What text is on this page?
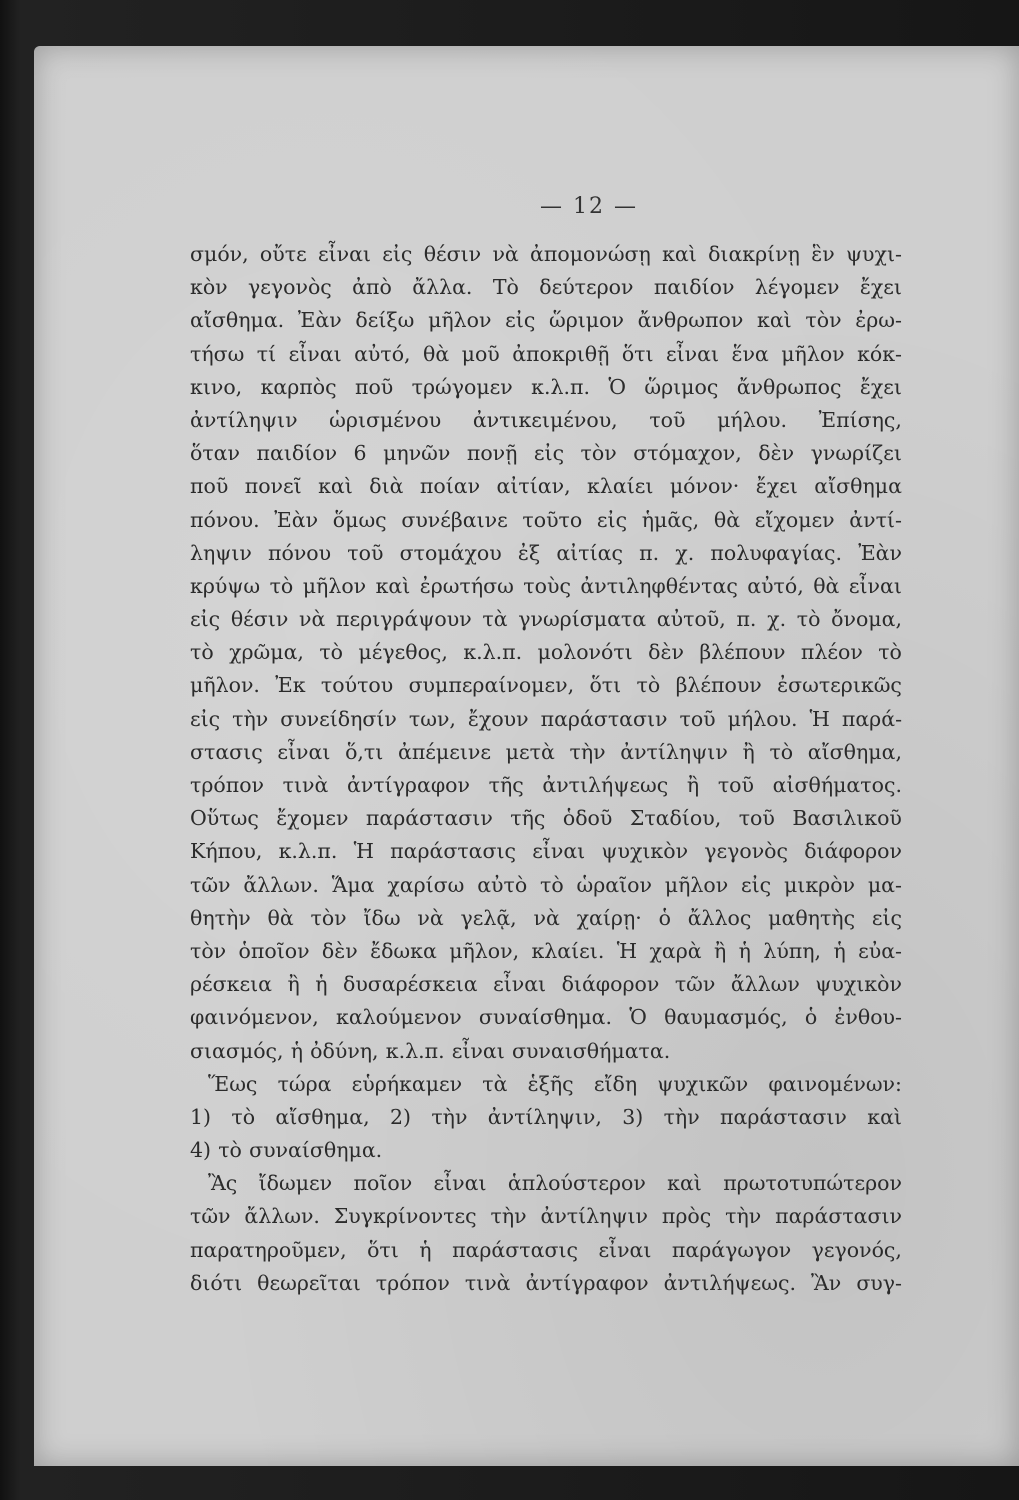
— 12 —
σμόν, οὔτε εἶναι εἰς θέσιν νὰ ἀπομονώσῃ καὶ διακρίνῃ ἓν ψυχι-
κὸν γεγονὸς ἀπὸ ἄλλα. Τὸ δεύτερον παιδίον λέγομεν ἔχει
αἴσθημα. Ἐὰν δείξω μῆλον εἰς ὥριμον ἄνθρωπον καὶ τὸν ἐρω-
τήσω τί εἶναι αὐτό, θὰ μοῦ ἀποκριθῇ ὅτι εἶναι ἕνα μῆλον κόκ-
κινο, καρπὸς ποῦ τρώγομεν κ.λ.π. Ὁ ὥριμος ἄνθρωπος ἔχει
ἀντίληψιν ὡρισμένου ἀντικειμένου, τοῦ μήλου. Ἐπίσης,
ὅταν παιδίον 6 μηνῶν πονῇ εἰς τὸν στόμαχον, δὲν γνωρίζει
ποῦ πονεῖ καὶ διὰ ποίαν αἰτίαν, κλαίει μόνον· ἔχει αἴσθημα
πόνου. Ἐὰν ὅμως συνέβαινε τοῦτο εἰς ἡμᾶς, θὰ εἴχομεν ἀντί-
ληψιν πόνου τοῦ στομάχου ἐξ αἰτίας π. χ. πολυφαγίας. Ἐὰν
κρύψω τὸ μῆλον καὶ ἐρωτήσω τοὺς ἀντιληφθέντας αὐτό, θὰ εἶναι
εἰς θέσιν νὰ περιγράψουν τὰ γνωρίσματα αὐτοῦ, π. χ. τὸ ὄνομα,
τὸ χρῶμα, τὸ μέγεθος, κ.λ.π. μολονότι δὲν βλέπουν πλέον τὸ
μῆλον. Ἐκ τούτου συμπεραίνομεν, ὅτι τὸ βλέπουν ἐσωτερικῶς
εἰς τὴν συνείδησίν των, ἔχουν παράστασιν τοῦ μήλου. Ἡ παρά-
στασις εἶναι ὅ,τι ἀπέμεινε μετὰ τὴν ἀντίληψιν ἢ τὸ αἴσθημα,
τρόπον τινὰ ἀντίγραφον τῆς ἀντιλήψεως ἢ τοῦ αἰσθήματος.
Οὕτως ἔχομεν παράστασιν τῆς ὁδοῦ Σταδίου, τοῦ Βασιλικοῦ
Κήπου, κ.λ.π. Ἡ παράστασις εἶναι ψυχικὸν γεγονὸς διάφορον
τῶν ἄλλων. Ἅμα χαρίσω αὐτὸ τὸ ὡραῖον μῆλον εἰς μικρὸν μα-
θητὴν θὰ τὸν ἴδω νὰ γελᾷ, νὰ χαίρῃ· ὁ ἄλλος μαθητὴς εἰς
τὸν ὁποῖον δὲν ἔδωκα μῆλον, κλαίει. Ἡ χαρὰ ἢ ἡ λύπη, ἡ εὐα-
ρέσκεια ἢ ἡ δυσαρέσκεια εἶναι διάφορον τῶν ἄλλων ψυχικὸν
φαινόμενον, καλούμενον συναίσθημα. Ὁ θαυμασμός, ὁ ἐνθου-
σιασμός, ἡ ὀδύνη, κ.λ.π. εἶναι συναισθήματα.
Ἕως τώρα εὑρήκαμεν τὰ ἑξῆς εἴδη ψυχικῶν φαινομένων:
1) τὸ αἴσθημα, 2) τὴν ἀντίληψιν, 3) τὴν παράστασιν καὶ
4) τὸ συναίσθημα.
Ἂς ἴδωμεν ποῖον εἶναι ἁπλούστερον καὶ πρωτοτυπώτερον
τῶν ἄλλων. Συγκρίνοντες τὴν ἀντίληψιν πρὸς τὴν παράστασιν
παρατηροῦμεν, ὅτι ἡ παράστασις εἶναι παράγωγον γεγονός,
διότι θεωρεῖται τρόπον τινὰ ἀντίγραφον ἀντιλήψεως. Ἂν συγ-
